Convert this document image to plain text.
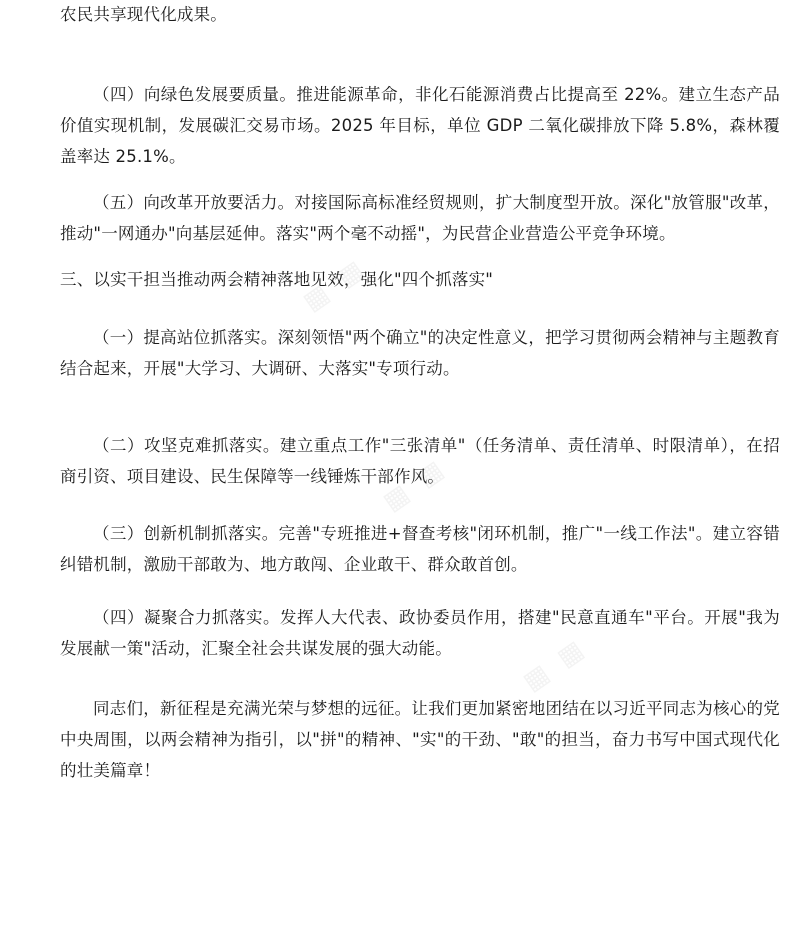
农民共享现代化成果。

（四）向绿色发展要质量。推进能源革命，非化石能源消费占比提高至 22%。建立生态产品价值实现机制，发展碳汇交易市场。2025 年目标，单位 GDP 二氧化碳排放下降 5.8%，森林覆盖率达 25.1%。

（五）向改革开放要活力。对接国际高标准经贸规则，扩大制度型开放。深化"放管服"改革，推动"一网通办"向基层延伸。落实"两个毫不动摇"，为民营企业营造公平竞争环境。

三、以实干担当推动两会精神落地见效，强化"四个抓落实"

（一）提高站位抓落实。深刻领悟"两个确立"的决定性意义，把学习贯彻两会精神与主题教育结合起来，开展"大学习、大调研、大落实"专项行动。

（二）攻坚克难抓落实。建立重点工作"三张清单"（任务清单、责任清单、时限清单），在招商引资、项目建设、民生保障等一线锤炼干部作风。

（三）创新机制抓落实。完善"专班推进+督查考核"闭环机制，推广"一线工作法"。建立容错纠错机制，激励干部敢为、地方敢闯、企业敢干、群众敢首创。

（四）凝聚合力抓落实。发挥人大代表、政协委员作用，搭建"民意直通车"平台。开展"我为发展献一策"活动，汇聚全社会共谋发展的强大动能。

同志们，新征程是充满光荣与梦想的远征。让我们更加紧密地团结在以习近平同志为核心的党中央周围，以两会精神为指引，以"拼"的精神、"实"的干劲、"敢"的担当，奋力书写中国式现代化的壮美篇章！

▦ ▦
▦ ▦
▦ ▦
